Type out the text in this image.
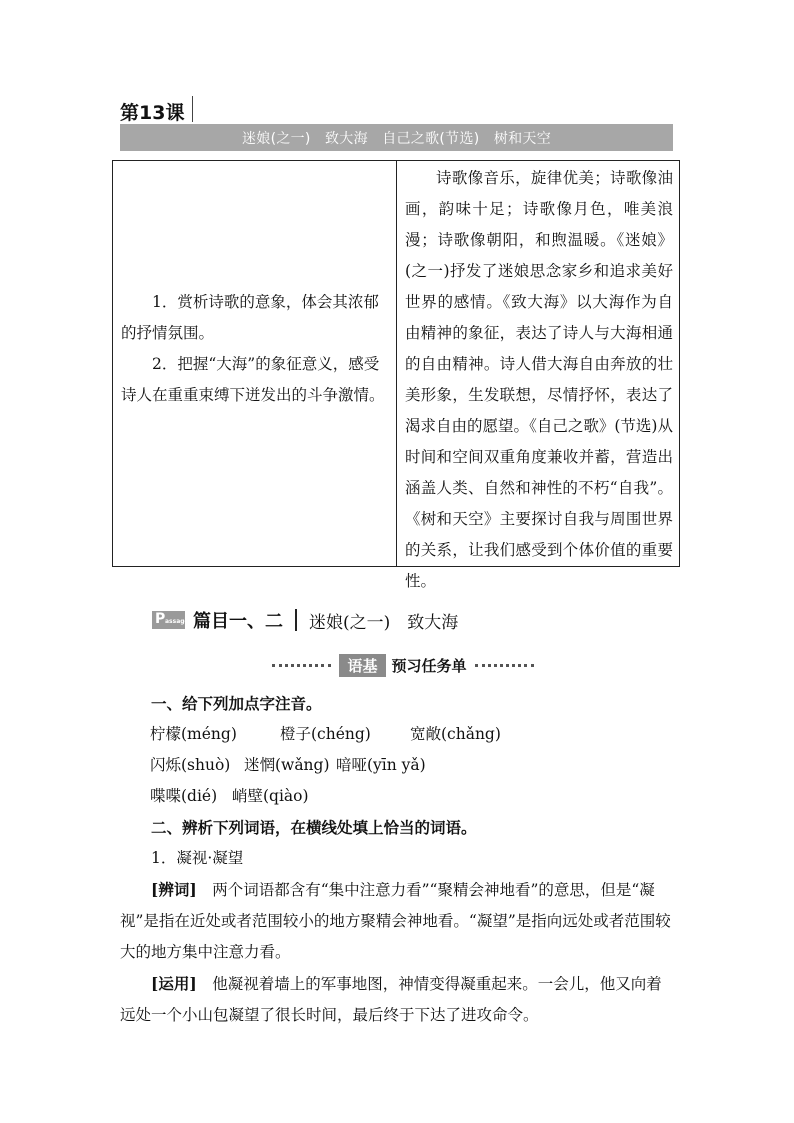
第13课
迷娘(之一)　致大海　自己之歌(节选)　树和天空

1．赏析诗歌的意象，体会其浓郁的抒情氛围。

2．把握“大海”的象征意义，感受诗人在重重束缚下迸发出的斗争激情。

诗歌像音乐，旋律优美；诗歌像油画，韵味十足；诗歌像月色，唯美浪漫；诗歌像朝阳，和煦温暖。《迷娘》(之一)抒发了迷娘思念家乡和追求美好世界的感情。《致大海》以大海作为自由精神的象征，表达了诗人与大海相通的自由精神。诗人借大海自由奔放的壮美形象，生发联想，尽情抒怀，表达了渴求自由的愿望。《自己之歌》(节选)从时间和空间双重角度兼收并蓄，营造出涵盖人类、自然和神性的不朽“自我”。《树和天空》主要探讨自我与周围世界的关系，让我们感受到个体价值的重要性。

P assage 篇目一、二 迷娘(之一)　致大海
语基 预习任务单

一、给下列加点字注音。

柠檬(méng)	橙子(chéng)	宽敞(chǎng)
闪烁(shuò) 迷惘(wǎng) 喑哑(yīn yǎ)
喋喋(dié) 峭壁(qiào)

二、辨析下列词语，在横线处填上恰当的词语。

1．凝视·凝望

[辨词]　 两个词语都含有“集中注意力看”“聚精会神地看”的意思，但是“凝视”是指在近处或者范围较小的地方聚精会神地看。“凝望”是指向远处或者范围较大的地方集中注意力看。

[运用]　 他凝视着墙上的军事地图，神情变得凝重起来。一会儿，他又向着远处一个小山包凝望了很长时间，最后终于下达了进攻命令。
